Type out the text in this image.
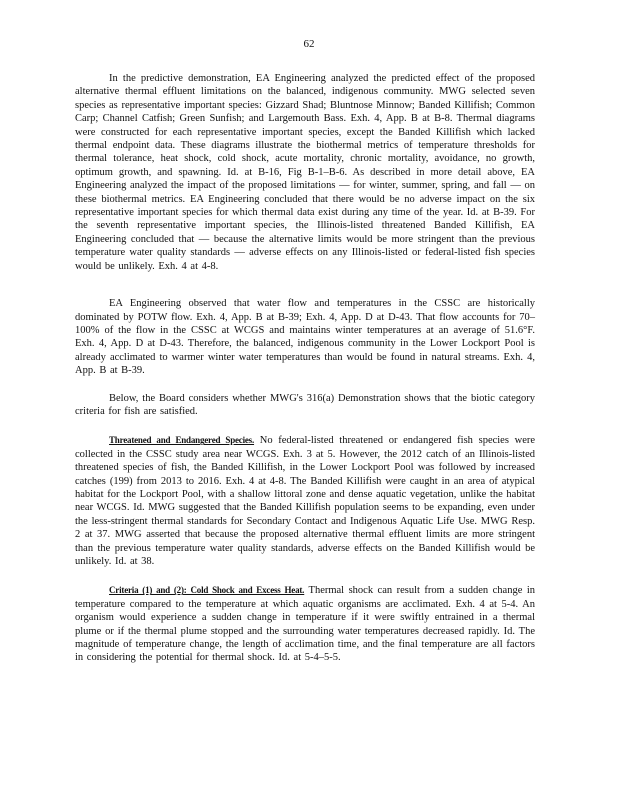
62

In the predictive demonstration, EA Engineering analyzed the predicted effect of the proposed alternative thermal effluent limitations on the balanced, indigenous community. MWG selected seven species as representative important species: Gizzard Shad; Bluntnose Minnow; Banded Killifish; Common Carp; Channel Catfish; Green Sunfish; and Largemouth Bass. Exh. 4, App. B at B-8. Thermal diagrams were constructed for each representative important species, except the Banded Killifish which lacked thermal endpoint data. These diagrams illustrate the biothermal metrics of temperature thresholds for thermal tolerance, heat shock, cold shock, acute mortality, chronic mortality, avoidance, no growth, optimum growth, and spawning. Id. at B-16, Fig B-1–B-6. As described in more detail above, EA Engineering analyzed the impact of the proposed limitations — for winter, summer, spring, and fall — on these biothermal metrics. EA Engineering concluded that there would be no adverse impact on the six representative important species for which thermal data exist during any time of the year. Id. at B-39. For the seventh representative important species, the Illinois-listed threatened Banded Killifish, EA Engineering concluded that — because the alternative limits would be more stringent than the previous temperature water quality standards — adverse effects on any Illinois-listed or federal-listed fish species would be unlikely. Exh. 4 at 4-8.

EA Engineering observed that water flow and temperatures in the CSSC are historically dominated by POTW flow. Exh. 4, App. B at B-39; Exh. 4, App. D at D-43. That flow accounts for 70–100% of the flow in the CSSC at WCGS and maintains winter temperatures at an average of 51.6°F. Exh. 4, App. D at D-43. Therefore, the balanced, indigenous community in the Lower Lockport Pool is already acclimated to warmer winter water temperatures than would be found in natural streams. Exh. 4, App. B at B-39.

Below, the Board considers whether MWG's 316(a) Demonstration shows that the biotic category criteria for fish are satisfied.

Threatened and Endangered Species. No federal-listed threatened or endangered fish species were collected in the CSSC study area near WCGS. Exh. 3 at 5. However, the 2012 catch of an Illinois-listed threatened species of fish, the Banded Killifish, in the Lower Lockport Pool was followed by increased catches (199) from 2013 to 2016. Exh. 4 at 4-8. The Banded Killifish were caught in an area of atypical habitat for the Lockport Pool, with a shallow littoral zone and dense aquatic vegetation, unlike the habitat near WCGS. Id. MWG suggested that the Banded Killifish population seems to be expanding, even under the less-stringent thermal standards for Secondary Contact and Indigenous Aquatic Life Use. MWG Resp. 2 at 37. MWG asserted that because the proposed alternative thermal effluent limits are more stringent than the previous temperature water quality standards, adverse effects on the Banded Killifish would be unlikely. Id. at 38.

Criteria (1) and (2): Cold Shock and Excess Heat. Thermal shock can result from a sudden change in temperature compared to the temperature at which aquatic organisms are acclimated. Exh. 4 at 5-4. An organism would experience a sudden change in temperature if it were swiftly entrained in a thermal plume or if the thermal plume stopped and the surrounding water temperatures decreased rapidly. Id. The magnitude of temperature change, the length of acclimation time, and the final temperature are all factors in considering the potential for thermal shock. Id. at 5-4–5-5.
